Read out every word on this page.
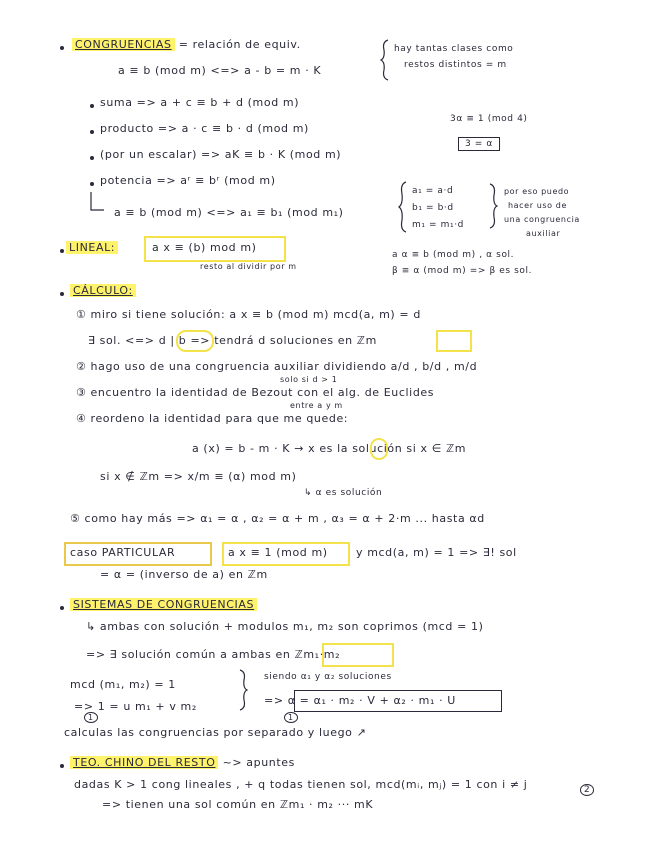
CONGRUENCIAS = relación de equiv.
a ≡ b (mod m) <=> a - b = m · K
hay tantas clases como
restos distintos = m
suma => a + c ≡ b + d (mod m)
producto => a · c ≡ b · d (mod m)
3α ≡ 1 (mod 4)
3 = α
(por un escalar) => aK ≡ b · K (mod m)
potencia => aʳ ≡ bʳ (mod m)
a ≡ b (mod m) <=> a₁ ≡ b₁ (mod m₁)
a₁ = a·d
b₁ = b·d
m₁ = m₁·d
por eso puedo
hacer uso de
una congruencia
auxiliar
LINEAL:	a x ≡ (b) mod m)
resto al dividir por m
a α ≡ b (mod m) , α sol.
β ≡ α (mod m) => β es sol.
CÁLCULO:
① miro si tiene solución: a x ≡ b (mod m) mcd(a, m) = d
∃ sol. <=> d | b => tendrá d soluciones en ℤm
② hago uso de una congruencia auxiliar dividiendo a/d , b/d , m/d
solo si d > 1
③ encuentro la identidad de Bezout con el alg. de Euclides
entre a y m
④ reordeno la identidad para que me quede:
a (x) = b - m · K → x es la solución si x ∈ ℤm
si x ∉ ℤm => x/m ≡ (α) mod m)
↳ α es solución
⑤ como hay más => α₁ = α , α₂ = α + m , α₃ = α + 2·m ... hasta αd
caso PARTICULAR	a x ≡ 1 (mod m)	y mcd(a, m) = 1 => ∃! sol
= α = (inverso de a) en ℤm
SISTEMAS DE CONGRUENCIAS
↳ ambas con solución + modulos m₁, m₂ son coprimos (mcd = 1)
=> ∃ solución común a ambas en ℤm₁·m₂
mcd (m₁, m₂) = 1
=> 1 = u m₁ + v m₂
1
siendo α₁ y α₂ soluciones
=> α = α₁ · m₂ · V + α₂ · m₁ · U
1
calculas las congruencias por separado y luego ↗
TEO. CHINO DEL RESTO ~> apuntes
dadas K > 1 cong lineales , + q todas tienen sol, mcd(mᵢ, mⱼ) = 1 con i ≠ j
=> tienen una sol común en ℤm₁ · m₂ ··· mK
2
